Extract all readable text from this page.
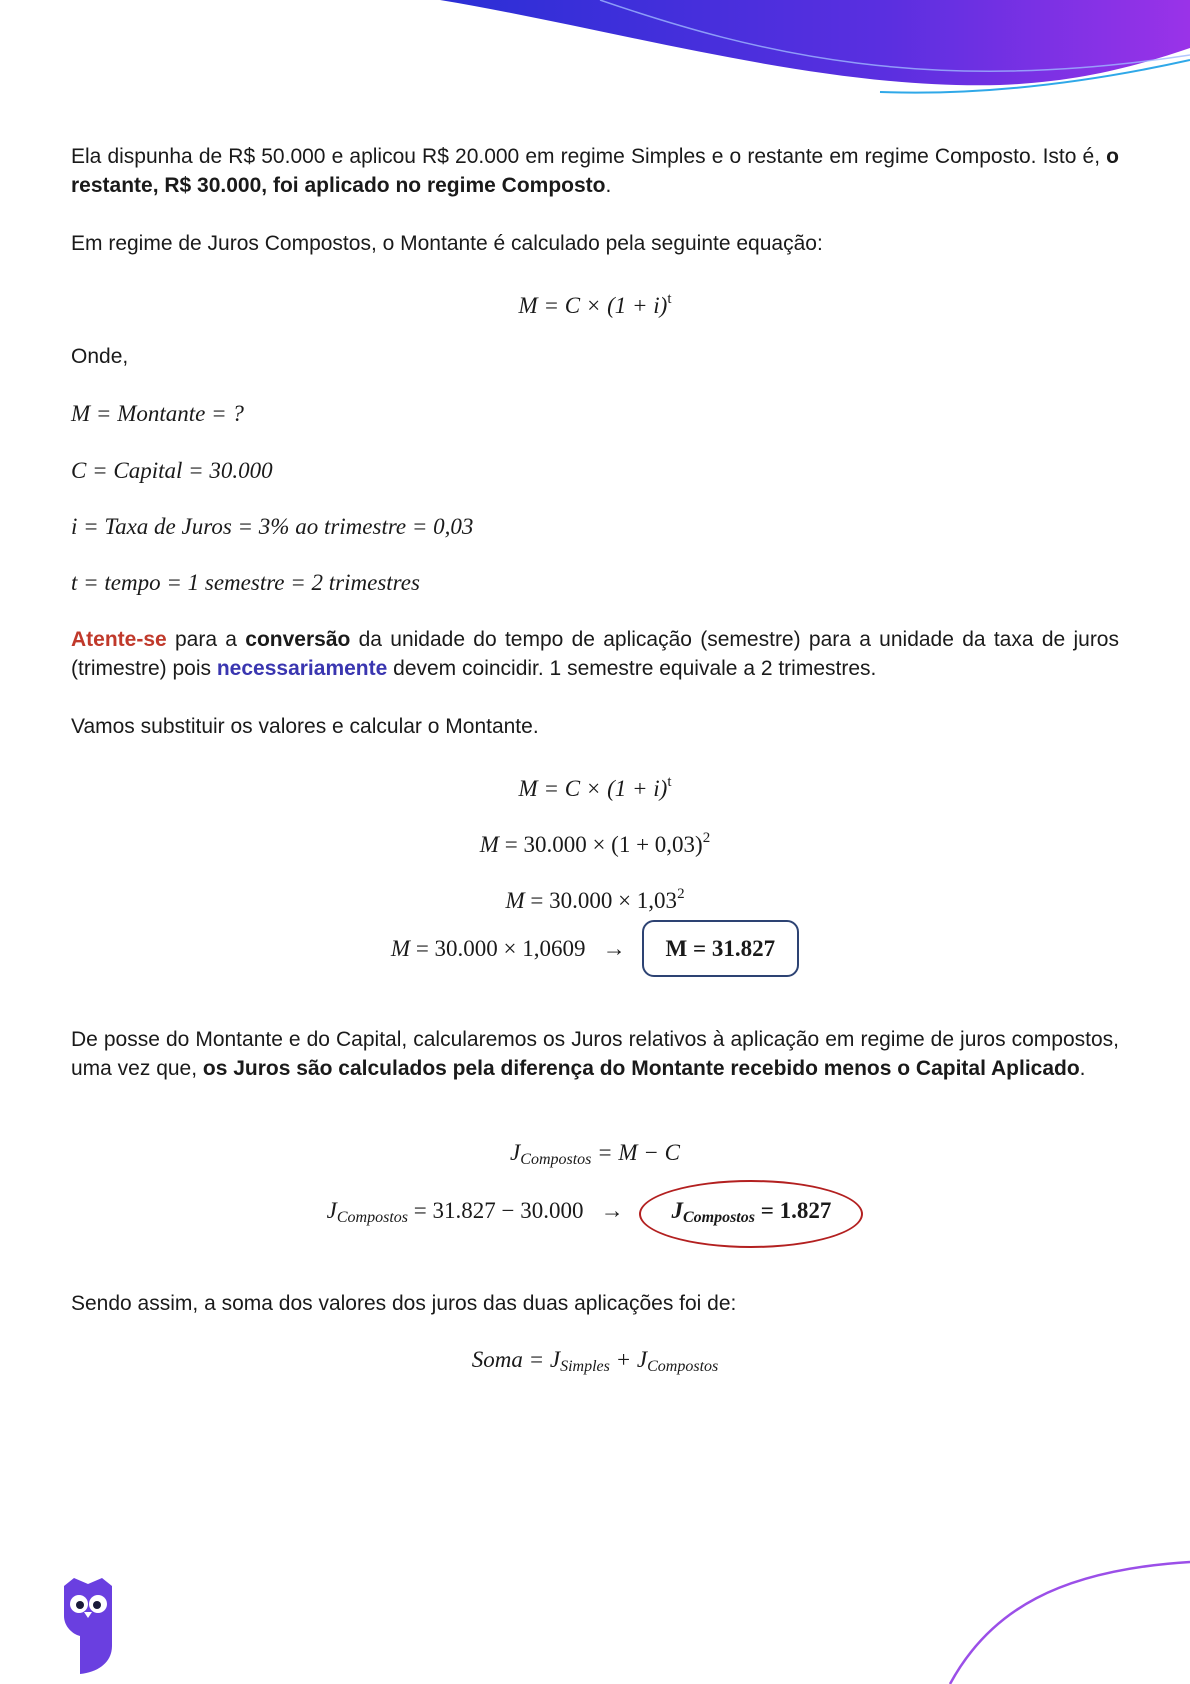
Ela dispunha de R$ 50.000 e aplicou R$ 20.000 em regime Simples e o restante em regime Composto. Isto é, o restante, R$ 30.000, foi aplicado no regime Composto.

Em regime de Juros Compostos, o Montante é calculado pela seguinte equação:

$M = C \times (1 + i)^t$

Onde,

M = Montante = ?
C = Capital = 30.000
i = Taxa de Juros = 3% ao trimestre = 0,03
t = tempo = 1 semestre = 2 trimestres

Atente-se para a conversão da unidade do tempo de aplicação (semestre) para a unidade da taxa de juros (trimestre) pois necessariamente devem coincidir. 1 semestre equivale a 2 trimestres.

Vamos substituir os valores e calcular o Montante.

$M = C \times (1 + i)^t$
$M = 30.000 \times (1 + 0,03)^2$
$M = 30.000 \times 1,03^2$
M = 30.000 × 1,0609 → M = 31.827

De posse do Montante e do Capital, calcularemos os Juros relativos à aplicação em regime de juros compostos, uma vez que, os Juros são calculados pela diferença do Montante recebido menos o Capital Aplicado.

$J_{Compostos} = M - C$
$J_{Compostos} = 31.827 - 30.000 \to J_{Compostos} = 1.827$

Sendo assim, a soma dos valores dos juros das duas aplicações foi de:

Soma = $J_{Simples} + J_{Compostos}$
